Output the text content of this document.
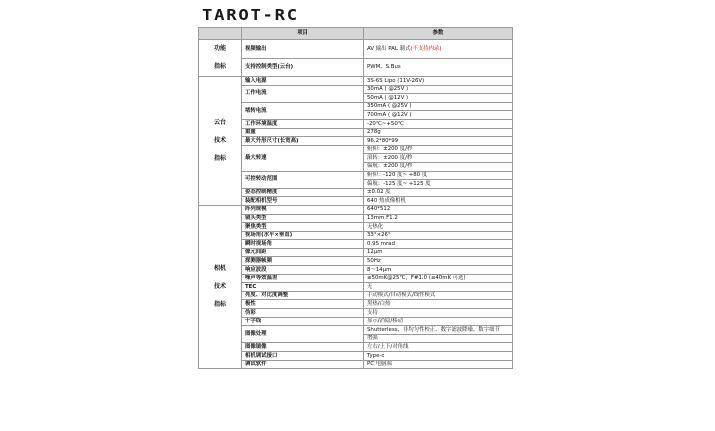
TAROT-RC
	项目	参数

功能
指标	视频输出	AV 输出 PAL 制式(不支持内录)
	支持控制类型(云台)	PWM、S.Bus

云台
技术
指标	输入电源	3S-6S Lipo (11V-26V)
	工作电流	30mA ( @25V )
		50mA ( @12V )
	堵转电流	350mA ( @25V )
		700mA ( @12V )
	工作环境温度	-20℃~+50℃
	重量	278g
	最大外形尺寸(长宽高)	96.2*80*99
	最大转速	俯仰：±200 度/秒
		滚转：±200 度/秒
		偏航：±200 度/秒
	可控转动范围	俯仰：-120 度~ +80 度
		偏航：-125 度~ +125 度
	姿态控制精度	±0.02 度
	装配相机型号	640 热成像相机

相机
技术
指标	阵列规模	640*512
	镜头类型	13mm F1.2
	聚焦类型	无热化
	视场角(水平×垂直)	33°×26°
	瞬时视场角	0.95 mrad
	像元间距	12μm
	探测器帧频	50Hz
	响应波段	8～14μm
	噪声等效温差	≤50mK@25℃，F#1.0 (≤40mK 可选)
	TEC	无
	亮度、对比度调整	手动模式/自动模式/线性模式
	极性	黑热/白热
	伪彩	支持
	十字线	显示/消隐/移动
	图像处理	Shutterless、非均匀性校正、数字滤波降噪、数字细节
		增强
	图像镜像	左右/上下/对角线
	相机调试接口	Type-c
	调试软件	PC 电脑端
